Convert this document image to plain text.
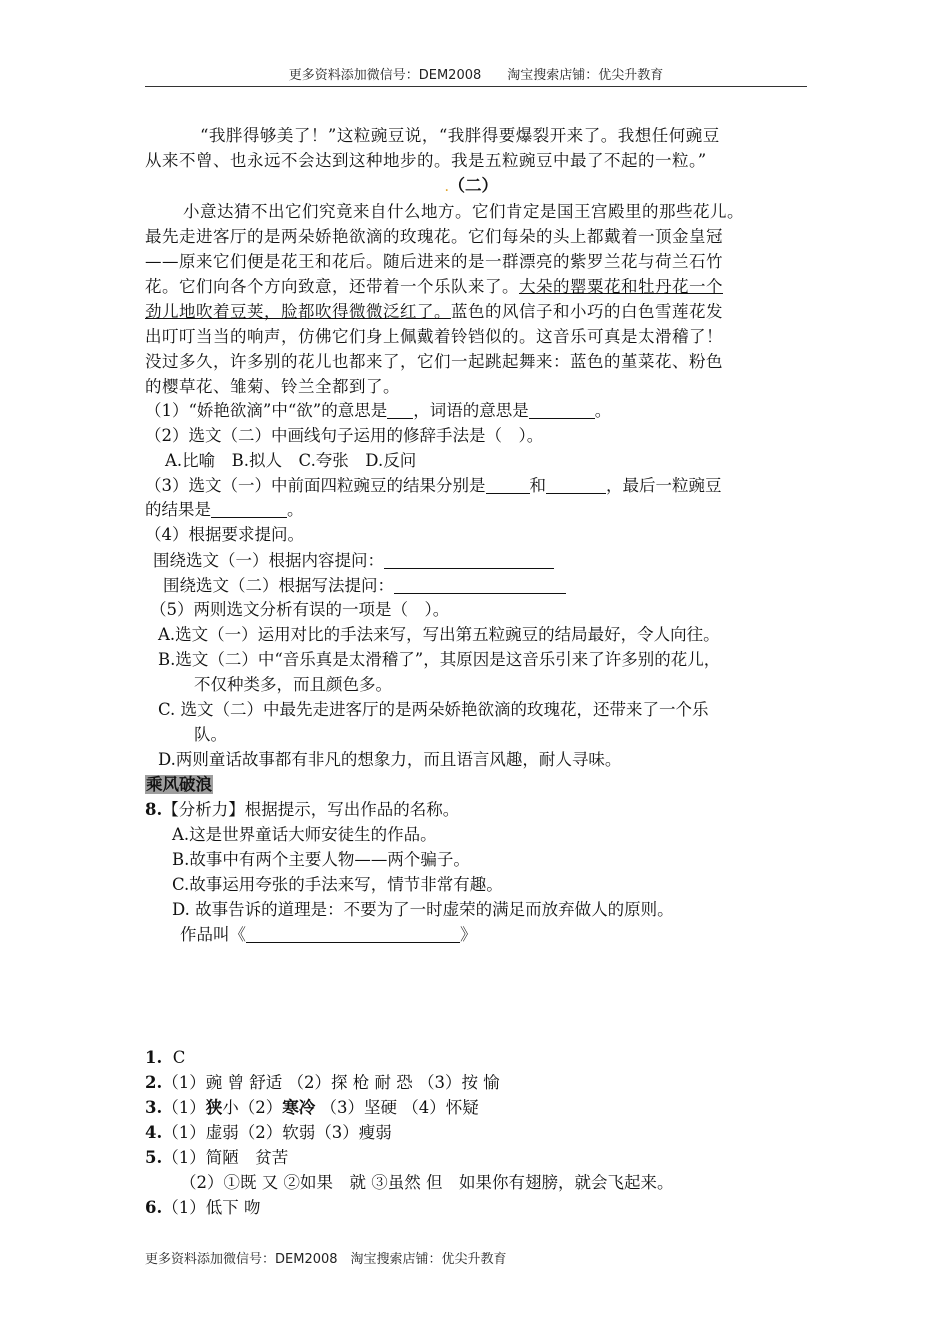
更多资料添加微信号：DEM2008　　淘宝搜索店铺：优尖升教育
“我胖得够美了！”这粒豌豆说，“我胖得要爆裂开来了。我想任何豌豆
从来不曾、也永远不会达到这种地步的。我是五粒豌豆中最了不起的一粒。”
.（二）
小意达猜不出它们究竟来自什么地方。它们肯定是国王宫殿里的那些花儿。
最先走进客厅的是两朵娇艳欲滴的玫瑰花。它们每朵的头上都戴着一顶金皇冠
——原来它们便是花王和花后。随后进来的是一群漂亮的紫罗兰花与荷兰石竹
花。它们向各个方向致意，还带着一个乐队来了。大朵的罂粟花和牡丹花一个
劲儿地吹着豆荚，脸都吹得微微泛红了。蓝色的风信子和小巧的白色雪莲花发
出叮叮当当的响声，仿佛它们身上佩戴着铃铛似的。这音乐可真是太滑稽了！
没过多久，许多别的花儿也都来了，它们一起跳起舞来：蓝色的堇菜花、粉色
的樱草花、雏菊、铃兰全都到了。
（1）“娇艳欲滴”中“欲”的意思是 ，词语的意思是	。
（2）选文（二）中画线句子运用的修辞手法是（　）。
A.比喻　B.拟人　C.夸张　D.反问
（3）选文（一）中前面四粒豌豆的结果分别是	和	，最后一粒豌豆
的结果是	。
（4）根据要求提问。
围绕选文（一）根据内容提问：
围绕选文（二）根据写法提问：
（5）两则选文分析有误的一项是（　）。
A.选文（一）运用对比的手法来写，写出第五粒豌豆的结局最好，令人向往。
B.选文（二）中“音乐真是太滑稽了”，其原因是这音乐引来了许多别的花儿，
不仅种类多，而且颜色多。
C. 选文（二）中最先走进客厅的是两朵娇艳欲滴的玫瑰花，还带来了一个乐
队。
D.两则童话故事都有非凡的想象力，而且语言风趣，耐人寻味。
乘风破浪
8.【分析力】根据提示，写出作品的名称。
A.这是世界童话大师安徒生的作品。
B.故事中有两个主要人物——两个骗子。
C.故事运用夸张的手法来写，情节非常有趣。
D. 故事告诉的道理是：不要为了一时虚荣的满足而放弃做人的原则。
作品叫《	》
1. C
2.（1）豌 曾 舒适 （2）探 枪 耐 恐 （3）按 愉
3.（1）狭小（2）寒冷 （3）坚硬 （4）怀疑
4.（1）虚弱（2）软弱（3）瘦弱
5.（1）简陋　贫苦
（2）①既 又 ②如果　就 ③虽然 但　如果你有翅膀，就会飞起来。
6.（1）低下 吻
更多资料添加微信号：DEM2008　淘宝搜索店铺：优尖升教育
